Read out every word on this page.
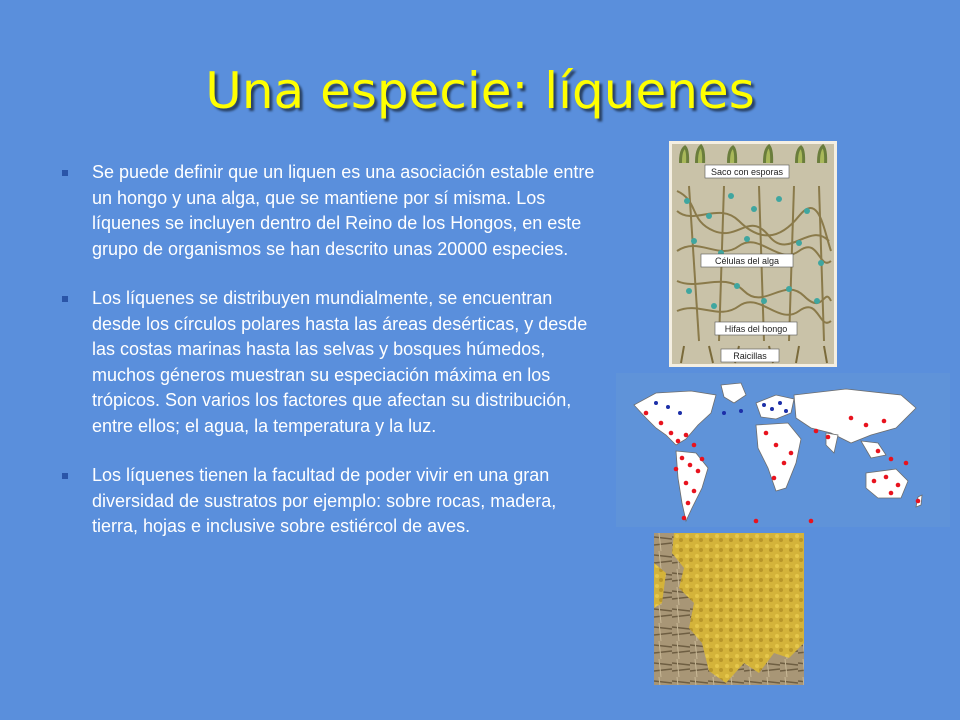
Una especie: líquenes
Se puede definir que un liquen es una asociación estable entre un hongo y una alga, que se mantiene por sí misma. Los líquenes se incluyen dentro del Reino de los Hongos, en este grupo de organismos se han descrito unas 20000 especies.
Los líquenes se distribuyen mundialmente, se encuentran desde los círculos polares hasta las áreas desérticas, y desde las costas marinas hasta las selvas y bosques húmedos, muchos géneros muestran su especiación máxima en los trópicos. Son varios los factores que afectan su distribución, entre ellos; el agua, la temperatura y la luz.
Los líquenes tienen la facultad de poder vivir en una gran diversidad de sustratos por ejemplo: sobre rocas, madera, tierra, hojas e inclusive sobre estiércol de aves.
Saco con esporas
Células del alga
Hifas del hongo
Raicillas
